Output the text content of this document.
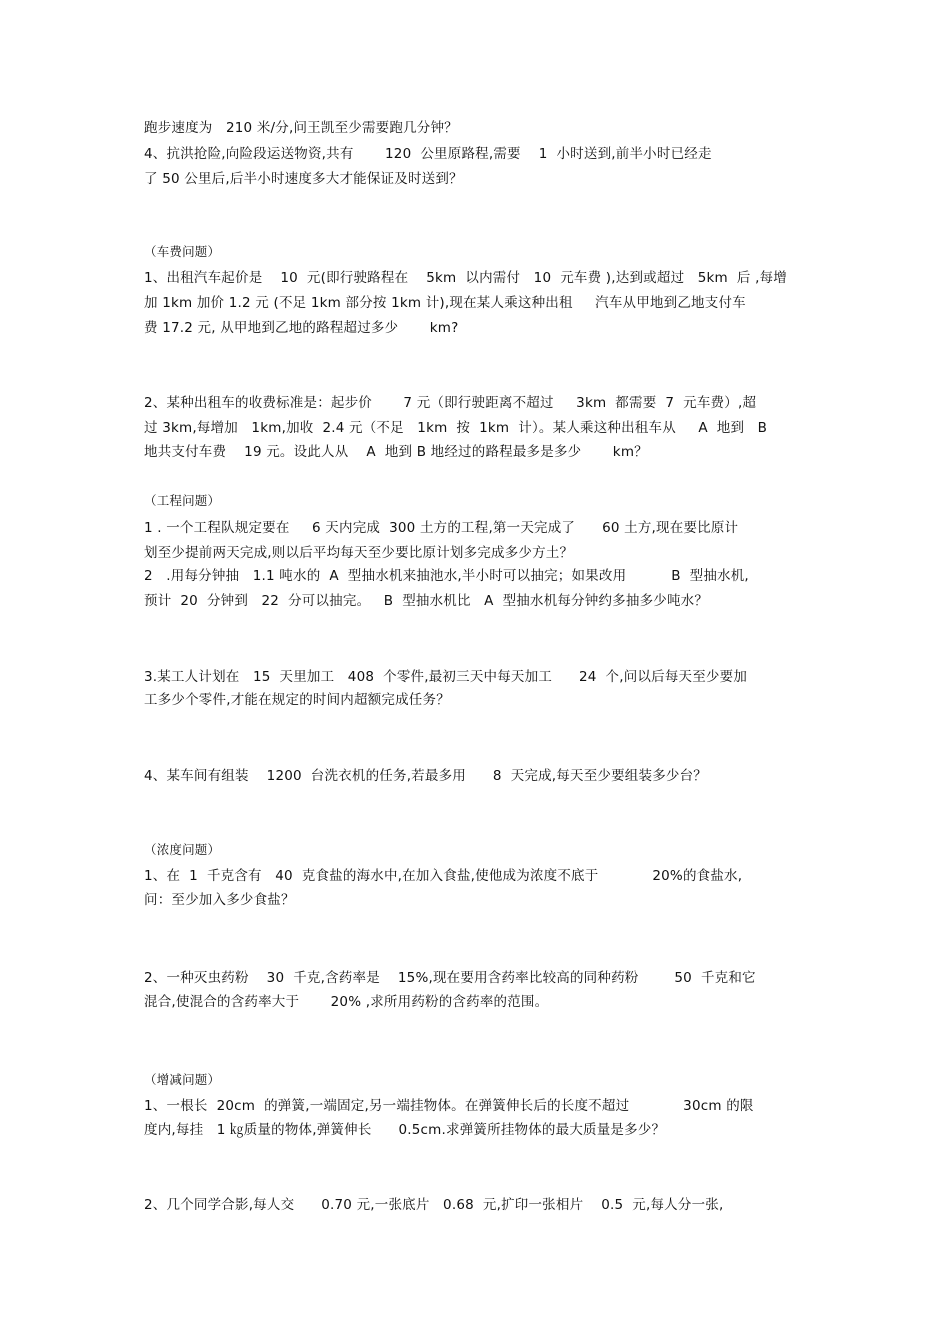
跑步速度为   210 米/分,问王凯至少需要跑几分钟？
4、抗洪抢险,向险段运送物资,共有       120  公里原路程,需要    1  小时送到,前半小时已经走
了 50 公里后,后半小时速度多大才能保证及时送到？
（车费问题）
1、出租汽车起价是    10  元(即行驶路程在    5km  以内需付   10  元车费 ),达到或超过   5km  后 ,每增
加 1km 加价 1.2 元 (不足 1km 部分按 1km 计),现在某人乘这种出租     汽车从甲地到乙地支付车
费 17.2 元, 从甲地到乙地的路程超过多少       km?
2、某种出租车的收费标准是：起步价       7 元（即行驶距离不超过     3km  都需要  7  元车费）,超
过 3km,每增加   1km,加收  2.4 元（不足   1km  按  1km  计）。某人乘这种出租车从     A  地到   B
地共支付车费    19 元。设此人从    A  地到 B 地经过的路程最多是多少       km？
（工程问题）
1 . 一个工程队规定要在     6 天内完成  300 土方的工程,第一天完成了      60 土方,现在要比原计
划至少提前两天完成,则以后平均每天至少要比原计划多完成多少方土？
2   .用每分钟抽   1.1 吨水的  A  型抽水机来抽池水,半小时可以抽完；如果改用          B  型抽水机,
预计  20  分钟到   22  分可以抽完。   B  型抽水机比   A  型抽水机每分钟约多抽多少吨水？
3.某工人计划在   15  天里加工   408  个零件,最初三天中每天加工      24  个,问以后每天至少要加
工多少个零件,才能在规定的时间内超额完成任务？
4、某车间有组装    1200  台洗衣机的任务,若最多用      8  天完成,每天至少要组装多少台？
（浓度问题）
1、在  1  千克含有   40  克食盐的海水中,在加入食盐,使他成为浓度不底于            20%的食盐水,
问：至少加入多少食盐？
2、一种灭虫药粉    30  千克,含药率是    15%,现在要用含药率比较高的同种药粉        50  千克和它
混合,使混合的含药率大于       20% ,求所用药粉的含药率的范围。
（增减问题）
1、一根长  20cm  的弹簧,一端固定,另一端挂物体。在弹簧伸长后的长度不超过            30cm 的限
度内,每挂   1 ㎏质量的物体,弹簧伸长      0.5cm.求弹簧所挂物体的最大质量是多少？
2、几个同学合影,每人交      0.70 元,一张底片   0.68  元,扩印一张相片    0.5  元,每人分一张,
